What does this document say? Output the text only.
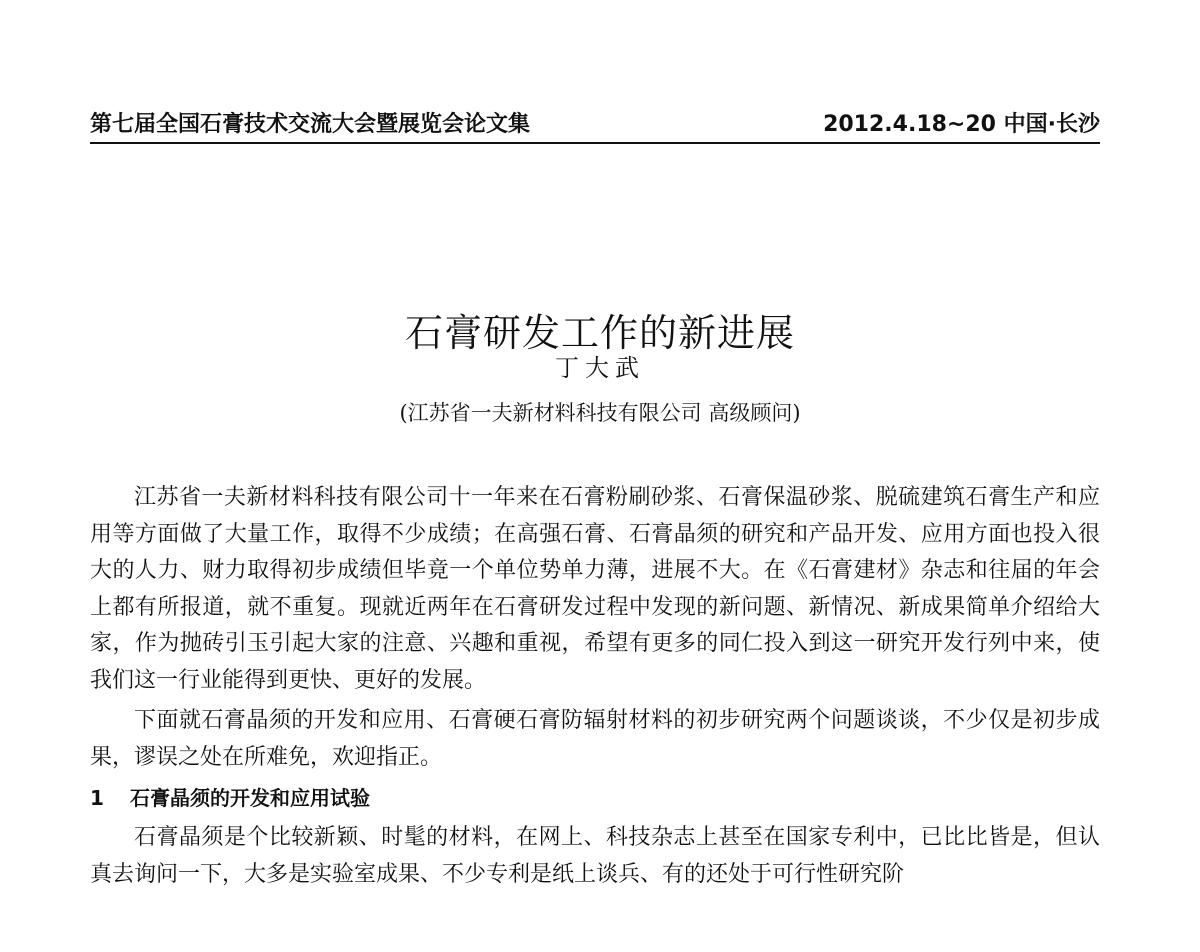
第七届全国石膏技术交流大会暨展览会论文集	2012.4.18~20 中国·长沙
石膏研发工作的新进展
丁大武
(江苏省一夫新材料科技有限公司 高级顾问)

江苏省一夫新材料科技有限公司十一年来在石膏粉刷砂浆、石膏保温砂浆、脱硫建筑石膏生产和应用等方面做了大量工作，取得不少成绩；在高强石膏、石膏晶须的研究和产品开发、应用方面也投入很大的人力、财力取得初步成绩但毕竟一个单位势单力薄，进展不大。在《石膏建材》杂志和往届的年会上都有所报道，就不重复。现就近两年在石膏研发过程中发现的新问题、新情况、新成果简单介绍给大家，作为抛砖引玉引起大家的注意、兴趣和重视，希望有更多的同仁投入到这一研究开发行列中来，使我们这一行业能得到更快、更好的发展。

下面就石膏晶须的开发和应用、石膏硬石膏防辐射材料的初步研究两个问题谈谈，不少仅是初步成果，谬误之处在所难免，欢迎指正。

1 石膏晶须的开发和应用试验

石膏晶须是个比较新颖、时髦的材料，在网上、科技杂志上甚至在国家专利中，已比比皆是，但认真去询问一下，大多是实验室成果、不少专利是纸上谈兵、有的还处于可行性研究阶
